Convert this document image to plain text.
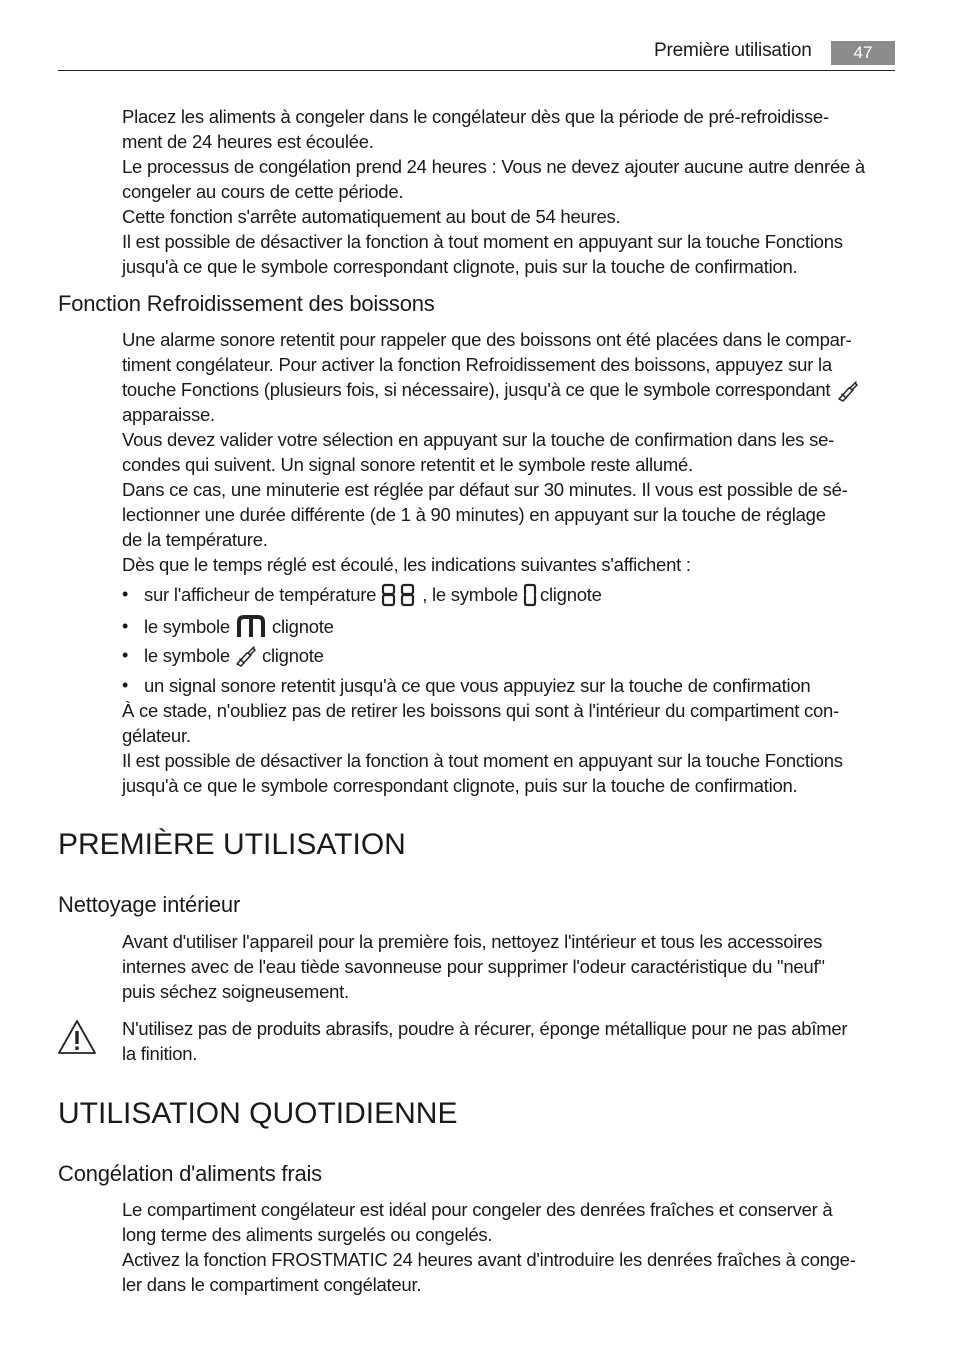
Première utilisation	47
Placez les aliments à congeler dans le congélateur dès que la période de pré-refroidisse-
ment de 24 heures est écoulée.
Le processus de congélation prend 24 heures : Vous ne devez ajouter aucune autre denrée à
congeler au cours de cette période.
Cette fonction s'arrête automatiquement au bout de 54 heures.
Il est possible de désactiver la fonction à tout moment en appuyant sur la touche Fonctions
jusqu'à ce que le symbole correspondant clignote, puis sur la touche de confirmation.
Fonction Refroidissement des boissons
Une alarme sonore retentit pour rappeler que des boissons ont été placées dans le compar-
timent congélateur. Pour activer la fonction Refroidissement des boissons, appuyez sur la
touche Fonctions (plusieurs fois, si nécessaire), jusqu'à ce que le symbole correspondant
apparaisse.
Vous devez valider votre sélection en appuyant sur la touche de confirmation dans les se-
condes qui suivent. Un signal sonore retentit et le symbole reste allumé.
Dans ce cas, une minuterie est réglée par défaut sur 30 minutes. Il vous est possible de sé-
lectionner une durée différente (de 1 à 90 minutes) en appuyant sur la touche de réglage
de la température.
Dès que le temps réglé est écoulé, les indications suivantes s'affichent :
• sur l'afficheur de température , le symbole clignote
• le symbole clignote
• le symbole clignote
• un signal sonore retentit jusqu'à ce que vous appuyiez sur la touche de confirmation
À ce stade, n'oubliez pas de retirer les boissons qui sont à l'intérieur du compartiment con-
gélateur.
Il est possible de désactiver la fonction à tout moment en appuyant sur la touche Fonctions
jusqu'à ce que le symbole correspondant clignote, puis sur la touche de confirmation.
PREMIÈRE UTILISATION
Nettoyage intérieur
Avant d'utiliser l'appareil pour la première fois, nettoyez l'intérieur et tous les accessoires
internes avec de l'eau tiède savonneuse pour supprimer l'odeur caractéristique du "neuf"
puis séchez soigneusement.
N'utilisez pas de produits abrasifs, poudre à récurer, éponge métallique pour ne pas abîmer
la finition.
UTILISATION QUOTIDIENNE
Congélation d'aliments frais
Le compartiment congélateur est idéal pour congeler des denrées fraîches et conserver à
long terme des aliments surgelés ou congelés.
Activez la fonction FROSTMATIC 24 heures avant d'introduire les denrées fraîches à conge-
ler dans le compartiment congélateur.
